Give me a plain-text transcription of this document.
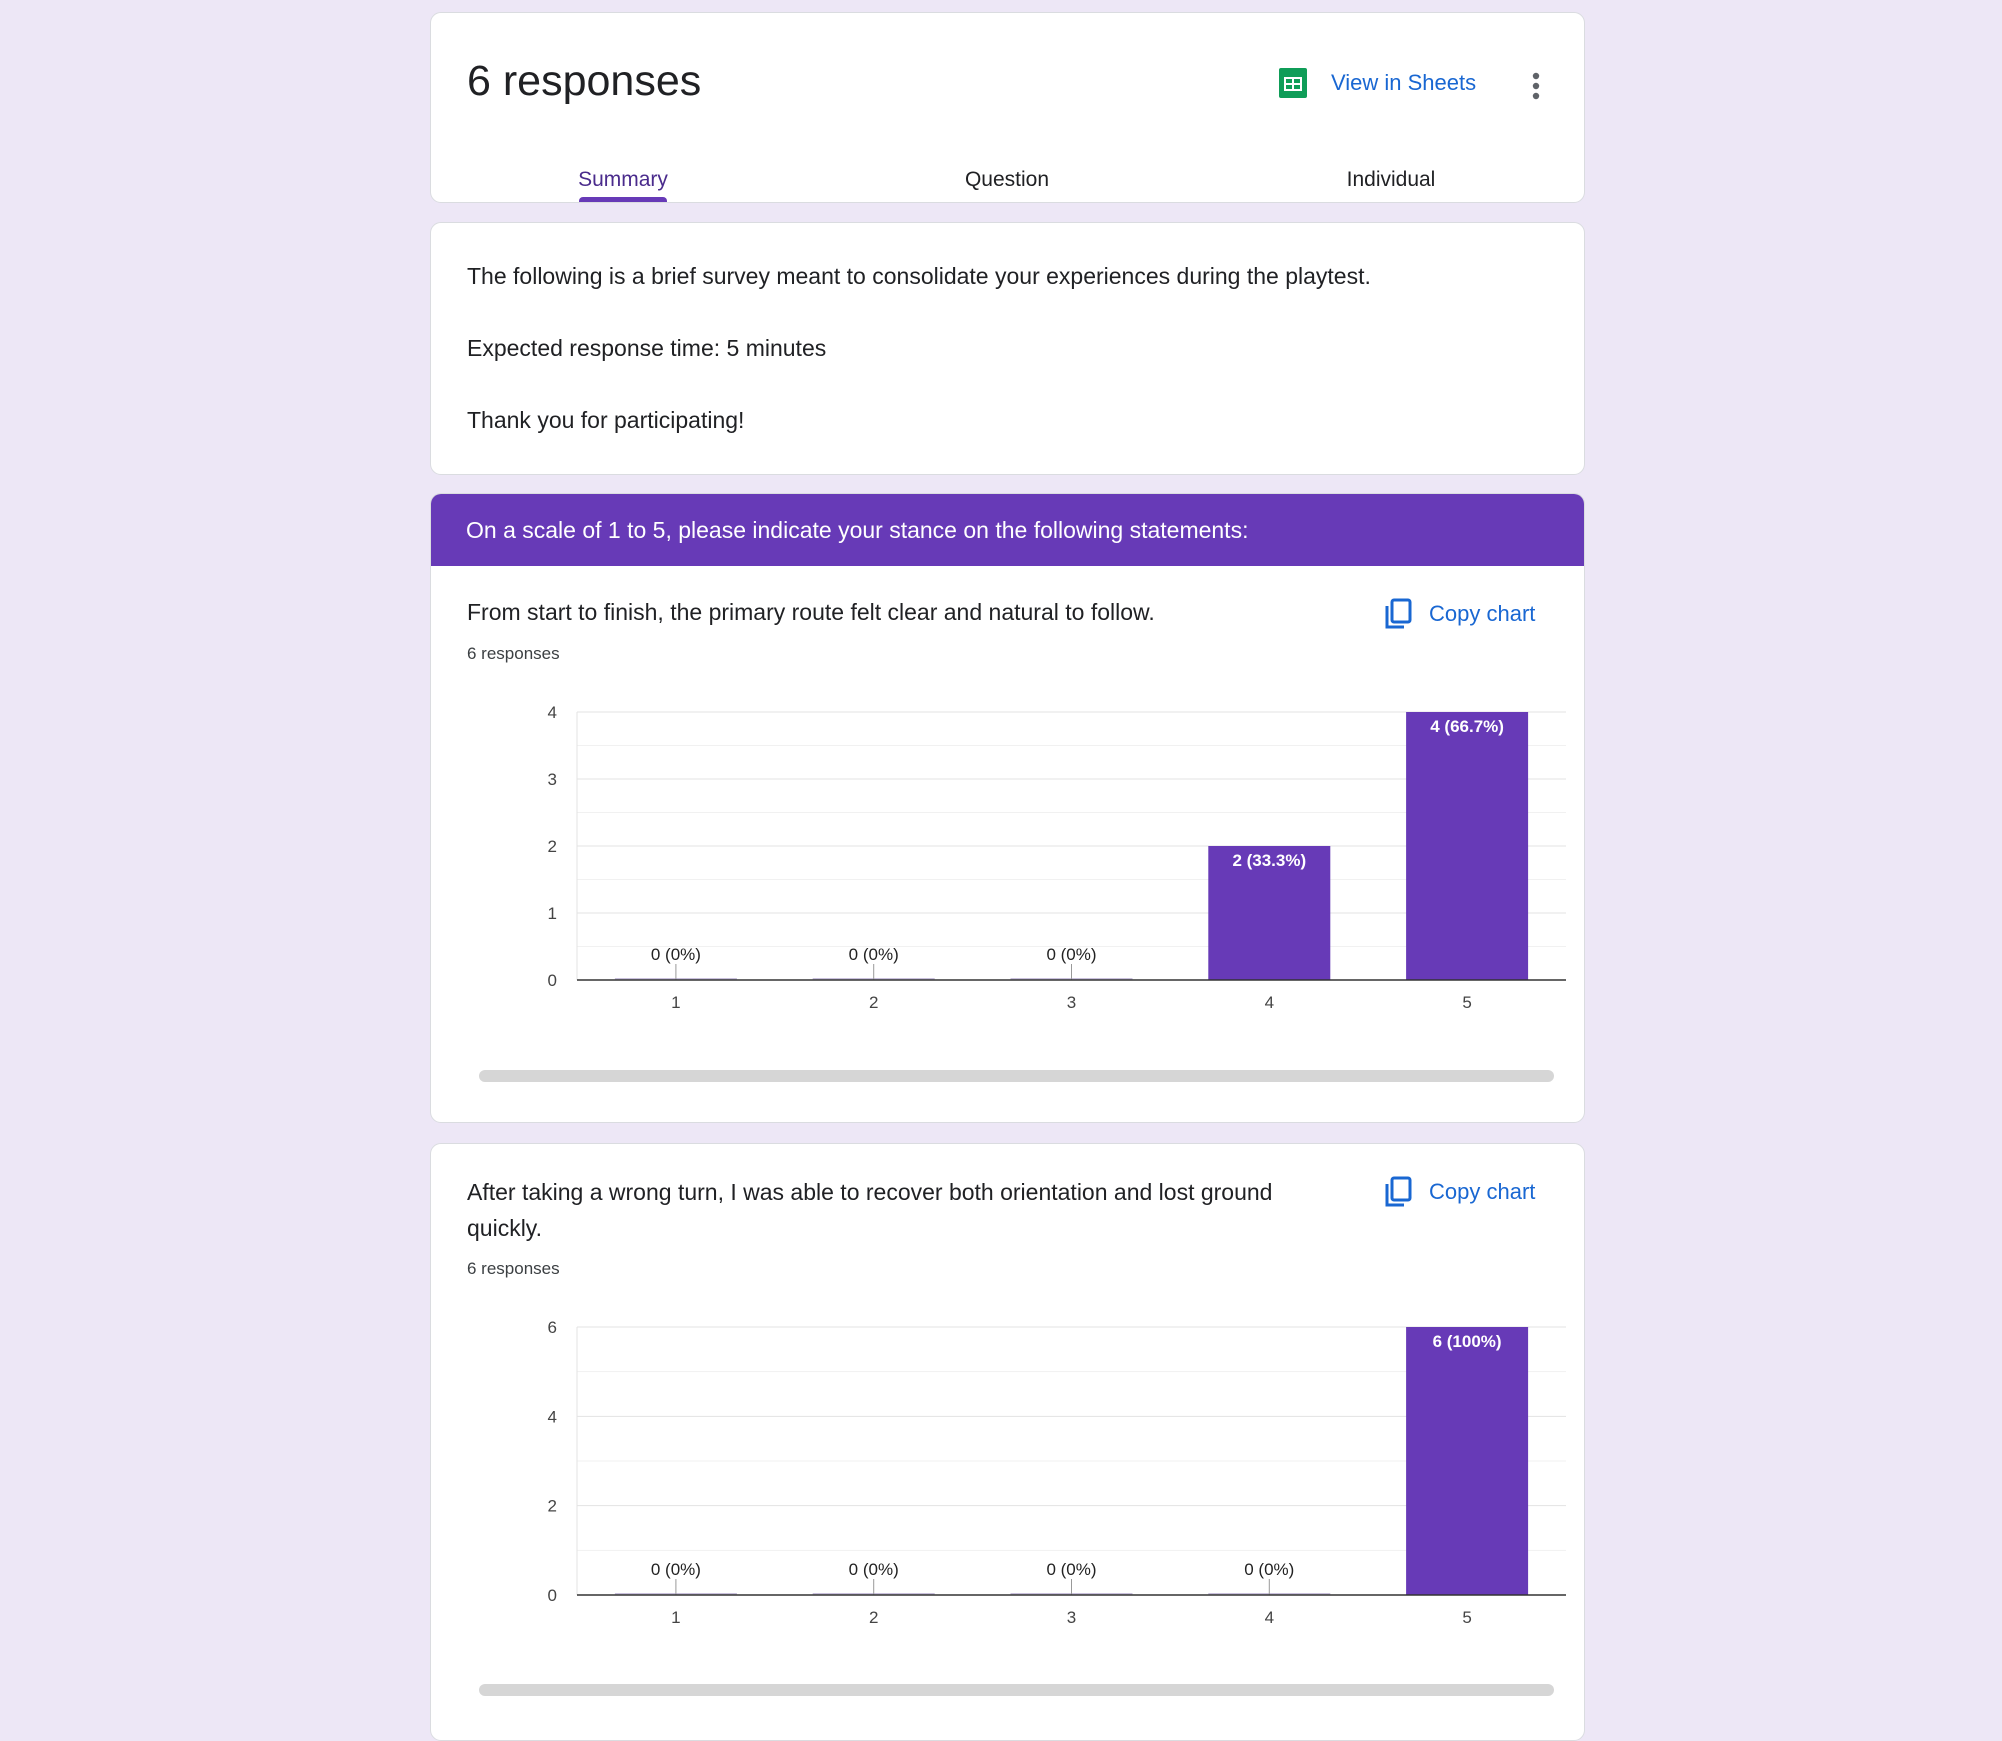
6 responses	View in Sheets
Summary	Question	Individual
The following is a brief survey meant to consolidate your experiences during the playtest.
Expected response time: 5 minutes
Thank you for participating!
On a scale of 1 to 5, please indicate your stance on the following statements:
From start to finish, the primary route felt clear and natural to follow.
6 responses
Copy chart
0
1
2
3
4
0 (0%)
1
0 (0%)
2
0 (0%)
3
2 (33.3%)
4
4 (66.7%)
5
After taking a wrong turn, I was able to recover both orientation and lost ground quickly.
6 responses
Copy chart
0
2
4
6
0 (0%)
1
0 (0%)
2
0 (0%)
3
0 (0%)
4
6 (100%)
5
